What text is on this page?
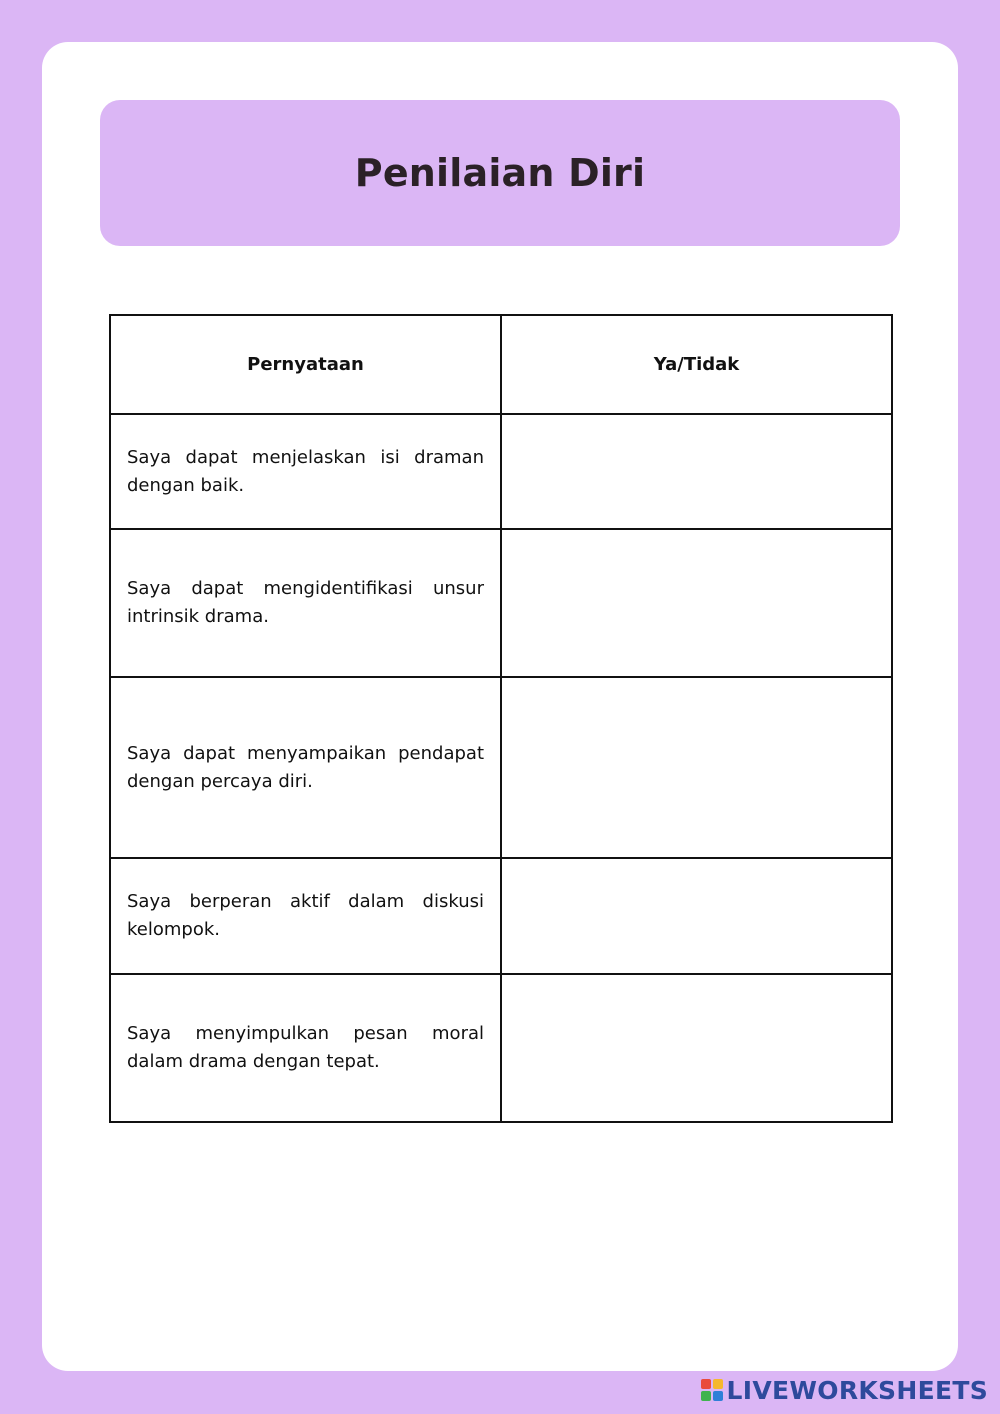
Penilaian Diri
Pernyataan	Ya/Tidak
Saya dapat menjelaskan isi draman dengan baik.	
Saya dapat mengidentifikasi unsur intrinsik drama.	
Saya dapat menyampaikan pendapat dengan percaya diri.	
Saya berperan aktif dalam diskusi kelompok.	
Saya menyimpulkan pesan moral dalam drama dengan tepat.	
LIVEWORKSHEETS
